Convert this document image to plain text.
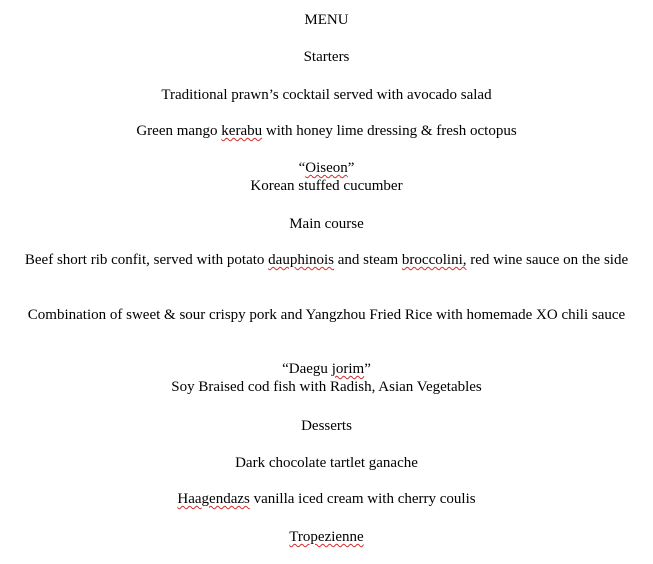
MENU
Starters
Traditional prawn’s cocktail served with avocado salad
Green mango kerabu with honey lime dressing & fresh octopus
“Oiseon”
Korean stuffed cucumber
Main course
Beef short rib confit, served with potato dauphinois and steam broccolini, red wine sauce on the side
Combination of sweet & sour crispy pork and Yangzhou Fried Rice with homemade XO chili sauce
“Daegu jorim”
Soy Braised cod fish with Radish, Asian Vegetables
Desserts
Dark chocolate tartlet ganache
Haagendazs vanilla iced cream with cherry coulis
Tropezienne
